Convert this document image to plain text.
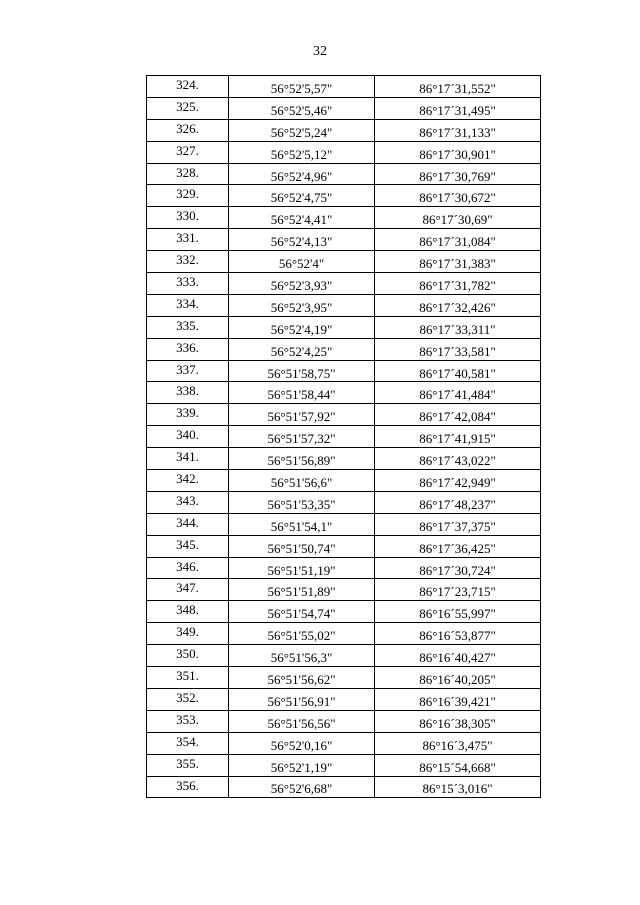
32
324.	56°52'5,57"	86°17´31,552"
325.	56°52'5,46"	86°17´31,495"
326.	56°52'5,24"	86°17´31,133"
327.	56°52'5,12"	86°17´30,901"
328.	56°52'4,96"	86°17´30,769"
329.	56°52'4,75"	86°17´30,672"
330.	56°52'4,41"	86°17´30,69"
331.	56°52'4,13"	86°17´31,084"
332.	56°52'4"	86°17´31,383"
333.	56°52'3,93"	86°17´31,782"
334.	56°52'3,95"	86°17´32,426"
335.	56°52'4,19"	86°17´33,311"
336.	56°52'4,25"	86°17´33,581"
337.	56°51'58,75"	86°17´40,581"
338.	56°51'58,44"	86°17´41,484"
339.	56°51'57,92"	86°17´42,084"
340.	56°51'57,32"	86°17´41,915"
341.	56°51'56,89"	86°17´43,022"
342.	56°51'56,6"	86°17´42,949"
343.	56°51'53,35"	86°17´48,237"
344.	56°51'54,1"	86°17´37,375"
345.	56°51'50,74"	86°17´36,425"
346.	56°51'51,19"	86°17´30,724"
347.	56°51'51,89"	86°17´23,715"
348.	56°51'54,74"	86°16´55,997"
349.	56°51'55,02"	86°16´53,877"
350.	56°51'56,3"	86°16´40,427"
351.	56°51'56,62"	86°16´40,205"
352.	56°51'56,91"	86°16´39,421"
353.	56°51'56,56"	86°16´38,305"
354.	56°52'0,16"	86°16´3,475"
355.	56°52'1,19"	86°15´54,668"
356.	56°52'6,68"	86°15´3,016"
